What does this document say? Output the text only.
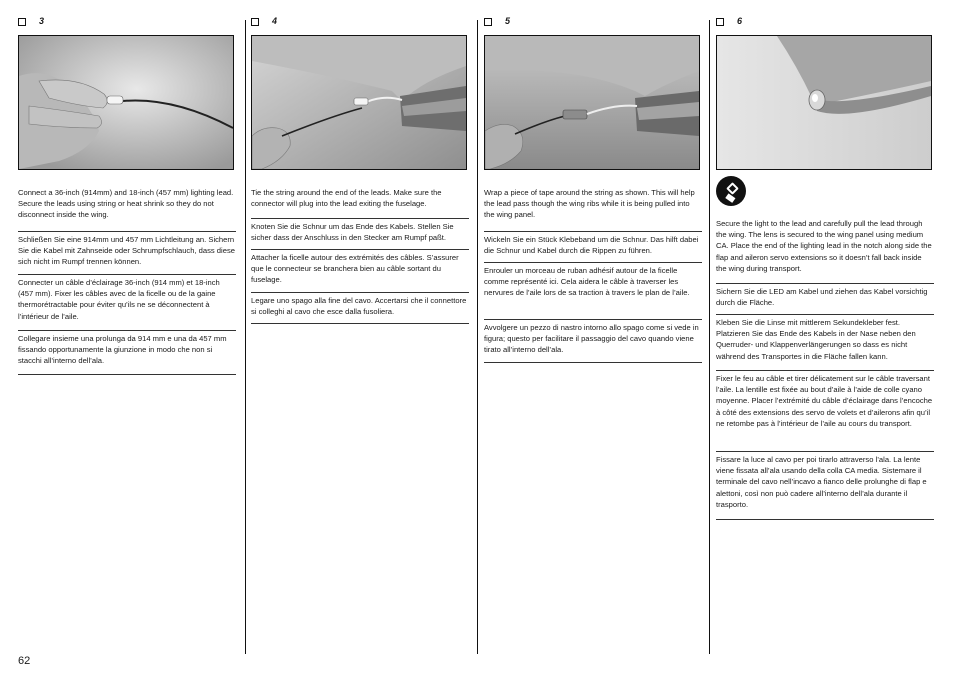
3

Connect a 36-inch (914mm) and 18-inch (457 mm) lighting lead. Secure the leads using string or heat shrink so they do not disconnect inside the wing.

Schließen Sie eine 914mm und 457 mm Lichtleitung an. Sichern Sie die Kabel mit Zahnseide oder Schrumpfschlauch, dass diese sich nicht im Rumpf trennen können.

Connecter un câble d’éclairage 36-inch (914 mm) et 18-inch (457 mm). Fixer les câbles avec de la ficelle ou de la gaine thermorétractable pour éviter qu’ils ne se déconnectent à l’intérieur de l’aile.

Collegare insieme una prolunga da 914 mm e una da 457 mm fissando opportunamente la giunzione in modo che non si stacchi all’interno dell’ala.

4

Tie the string around the end of the leads. Make sure the connector will plug into the lead exiting the fuselage.

Knoten Sie die Schnur um das Ende des Kabels. Stellen Sie sicher dass der Anschluss in den Stecker am Rumpf paßt.

Attacher la ficelle autour des extrémités des câbles. S’assurer que le connecteur se branchera bien au câble sortant du fuselage.

Legare uno spago alla fine del cavo. Accertarsi che il connettore si colleghi al cavo che esce dalla fusoliera.

5

Wrap a piece of tape around the string as shown. This will help the lead pass though the wing ribs while it is being pulled into the wing panel.

Wickeln Sie ein Stück Klebeband um die Schnur. Das hilft dabei die Schnur und Kabel durch die Rippen zu führen.

Enrouler un morceau de ruban adhésif autour de la ficelle comme représenté ici. Cela aidera le câble à traverser les nervures de l’aile lors de sa traction à travers le plan de l’aile.

Avvolgere un pezzo di nastro intorno allo spago come si vede in figura; questo per facilitare il passaggio del cavo quando viene tirato all’interno dell’ala.

6

Secure the light to the lead and carefully pull the lead through the wing. The lens is secured to the wing panel using medium CA. Place the end of the lighting lead in the notch along side the flap and aileron servo extensions so it doesn’t fall back inside the wing during transport.

Sichern Sie die LED am Kabel und ziehen das Kabel vorsichtig durch die Fläche.

Kleben Sie die Linse mit mittlerem Sekundekleber fest. Platzieren Sie das Ende des Kabels in der Nase neben den Querruder- und Klappenverlängerungen so dass es nicht während des Transportes in die Fläche fallen kann.

Fixer le feu au câble et tirer délicatement sur le câble traversant l’aile. La lentille est fixée au bout d’aile à l’aide de colle cyano moyenne. Placer l’extrémité du câble d’éclairage dans l’encoche à côté des extensions des servo de volets et d’ailerons afin qu’il ne retombe pas à l’intérieur de l’aile au cours du transport.

Fissare la luce al cavo per poi tirarlo attraverso l’ala. La lente viene fissata all’ala usando della colla CA media. Sistemare il terminale del cavo nell’incavo a fianco delle prolunghe di flap e alettoni, così non può cadere all’interno dell’ala durante il trasporto.

62
